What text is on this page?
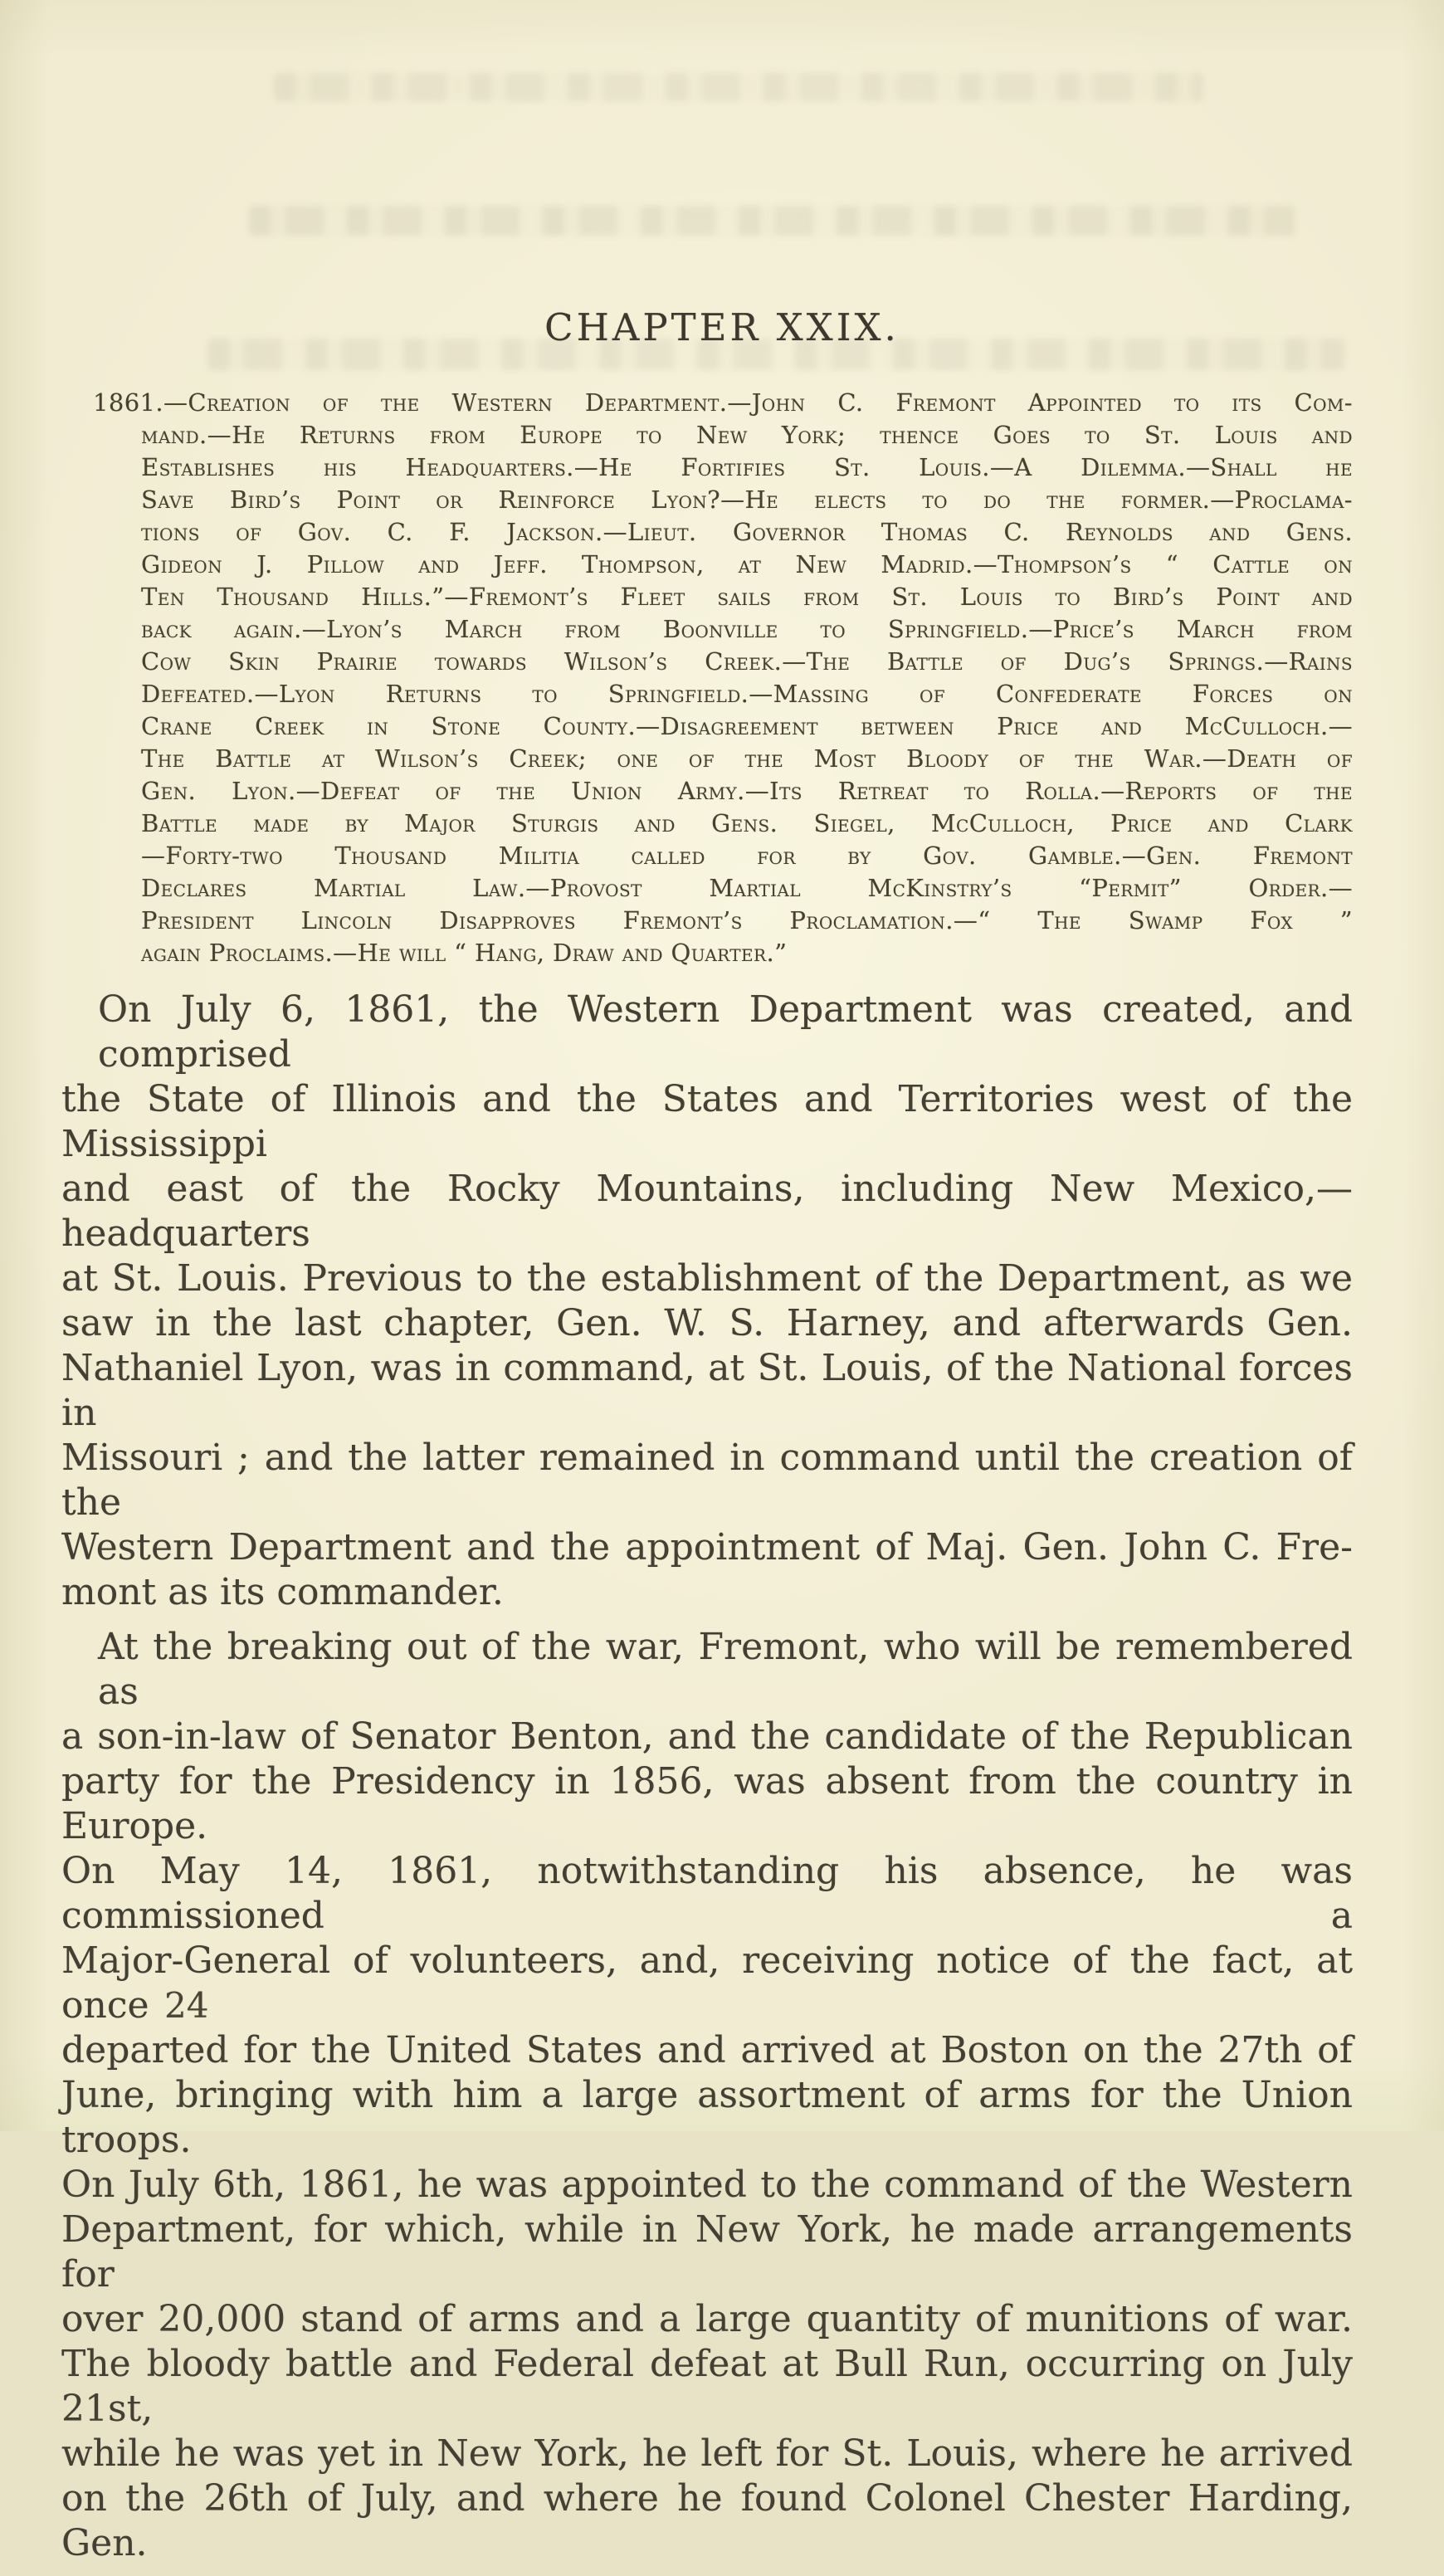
CHAPTER XXIX.
1861.—Creation of the Western Department.—John C. Fremont Appointed to its Com-
mand.—He Returns from Europe to New York; thence Goes to St. Louis and
Establishes his Headquarters.—He Fortifies St. Louis.—A Dilemma.—Shall he
Save Bird’s Point or Reinforce Lyon?—He elects to do the former.—Proclama-
tions of Gov. C. F. Jackson.—Lieut. Governor Thomas C. Reynolds and Gens.
Gideon J. Pillow and Jeff. Thompson, at New Madrid.—Thompson’s “ Cattle on
Ten Thousand Hills.”—Fremont’s Fleet sails from St. Louis to Bird’s Point and
back again.—Lyon’s March from Boonville to Springfield.—Price’s March from
Cow Skin Prairie towards Wilson’s Creek.—The Battle of Dug’s Springs.—Rains
Defeated.—Lyon Returns to Springfield.—Massing of Confederate Forces on
Crane Creek in Stone County.—Disagreement between Price and McCulloch.—
The Battle at Wilson’s Creek; one of the Most Bloody of the War.—Death of
Gen. Lyon.—Defeat of the Union Army.—Its Retreat to Rolla.—Reports of the
Battle made by Major Sturgis and Gens. Siegel, McCulloch, Price and Clark
—Forty-two Thousand Militia called for by Gov. Gamble.—Gen. Fremont
Declares Martial Law.—Provost Martial McKinstry’s “Permit” Order.—
President Lincoln Disapproves Fremont’s Proclamation.—“ The Swamp Fox ”
again Proclaims.—He will “ Hang, Draw and Quarter.”
On July 6, 1861, the Western Department was created, and comprised
the State of Illinois and the States and Territories west of the Mississippi
and east of the Rocky Mountains, including New Mexico,—headquarters
at St. Louis. Previous to the establishment of the Department, as we
saw in the last chapter, Gen. W. S. Harney, and afterwards Gen.
Nathaniel Lyon, was in command, at St. Louis, of the National forces in
Missouri ; and the latter remained in command until the creation of the
Western Department and the appointment of Maj. Gen. John C. Fre-
mont as its commander.
At the breaking out of the war, Fremont, who will be remembered as
a son-in-law of Senator Benton, and the candidate of the Republican
party for the Presidency in 1856, was absent from the country in Europe.
On May 14, 1861, notwithstanding his absence, he was commissioned a
Major-General of volunteers, and, receiving notice of the fact, at once
departed for the United States and arrived at Boston on the 27th of
June, bringing with him a large assortment of arms for the Union troops.
On July 6th, 1861, he was appointed to the command of the Western
Department, for which, while in New York, he made arrangements for
over 20,000 stand of arms and a large quantity of munitions of war.
The bloody battle and Federal defeat at Bull Run, occurring on July 21st,
while he was yet in New York, he left for St. Louis, where he arrived
on the 26th of July, and where he found Colonel Chester Harding, Gen.
24
